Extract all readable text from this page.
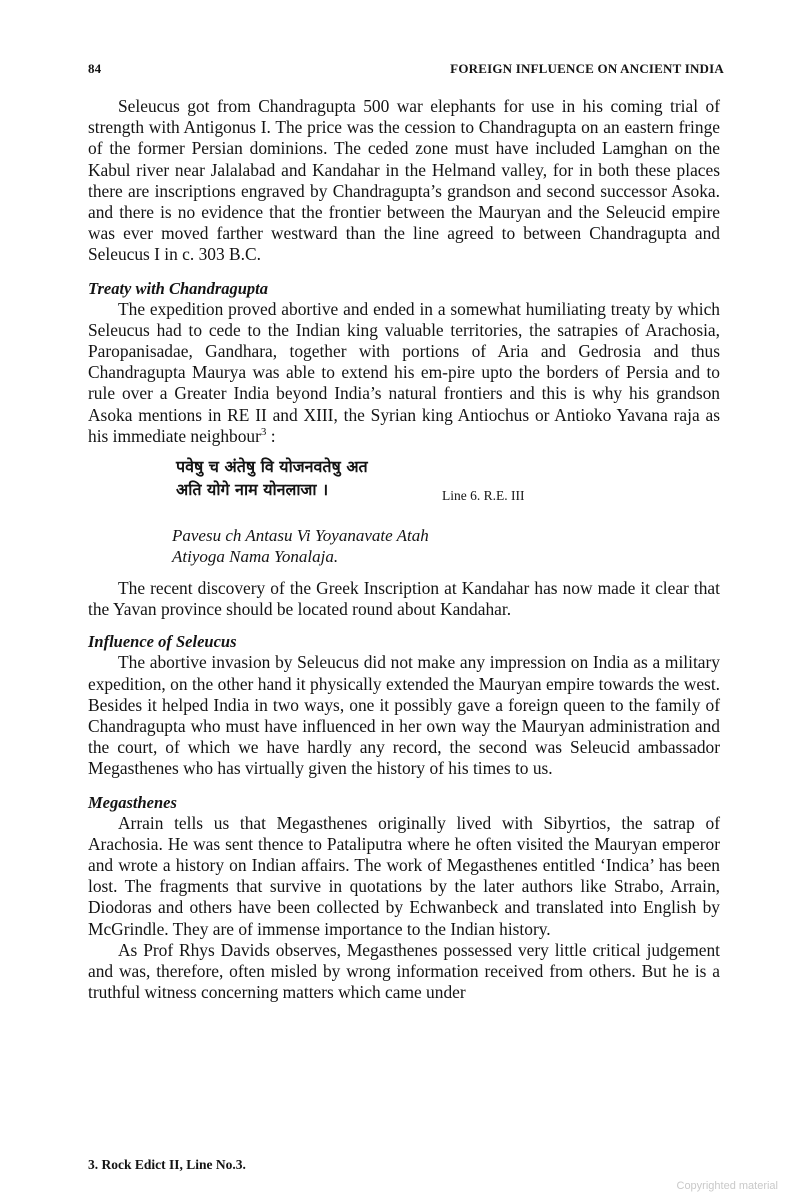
84	FOREIGN INFLUENCE ON ANCIENT INDIA

Seleucus got from Chandragupta 500 war elephants for use in his coming trial of strength with Antigonus I. The price was the cession to Chandragupta on an eastern fringe of the former Persian dominions. The ceded zone must have included Lamghan on the Kabul river near Jalalabad and Kandahar in the Helmand valley, for in both these places there are inscriptions engraved by Chandragupta’s grandson and second successor Asoka. and there is no evidence that the frontier between the Mauryan and the Seleucid empire was ever moved farther westward than the line agreed to between Chandragupta and Seleucus I in c. 303 B.C.

Treaty with Chandragupta

The expedition proved abortive and ended in a somewhat humiliating treaty by which Seleucus had to cede to the Indian king valuable territories, the satrapies of Arachosia, Paropanisadae, Gandhara, together with portions of Aria and Gedrosia and thus Chandragupta Maurya was able to extend his em-pire upto the borders of Persia and to rule over a Greater India beyond India’s natural frontiers and this is why his grandson Asoka mentions in RE II and XIII, the Syrian king Antiochus or Antioko Yavana raja as his immediate neighbour$^3$ :

पवेषु च अंतेषु वि योजनवतेषु अत
अति योगे नाम योनलाजा ।	Line 6. R.E. III
Pavesu ch Antasu Vi Yoyanavate Atah
Atiyoga Nama Yonalaja.

The recent discovery of the Greek Inscription at Kandahar has now made it clear that the Yavan province should be located round about Kandahar.

Influence of Seleucus

The abortive invasion by Seleucus did not make any impression on India as a military expedition, on the other hand it physically extended the Mauryan empire towards the west. Besides it helped India in two ways, one it possibly gave a foreign queen to the family of Chandragupta who must have influenced in her own way the Mauryan administration and the court, of which we have hardly any record, the second was Seleucid ambassador Megasthenes who has virtually given the history of his times to us.

Megasthenes

Arrain tells us that Megasthenes originally lived with Sibyrtios, the satrap of Arachosia. He was sent thence to Pataliputra where he often visited the Mauryan emperor and wrote a history on Indian affairs. The work of Megasthenes entitled ‘Indica’ has been lost. The fragments that survive in quotations by the later authors like Strabo, Arrain, Diodoras and others have been collected by Echwanbeck and translated into English by McGrindle. They are of immense importance to the Indian history.

As Prof Rhys Davids observes, Megasthenes possessed very little critical judgement and was, therefore, often misled by wrong information received from others. But he is a truthful witness concerning matters which came under

3. Rock Edict II, Line No.3.
Copyrighted material
